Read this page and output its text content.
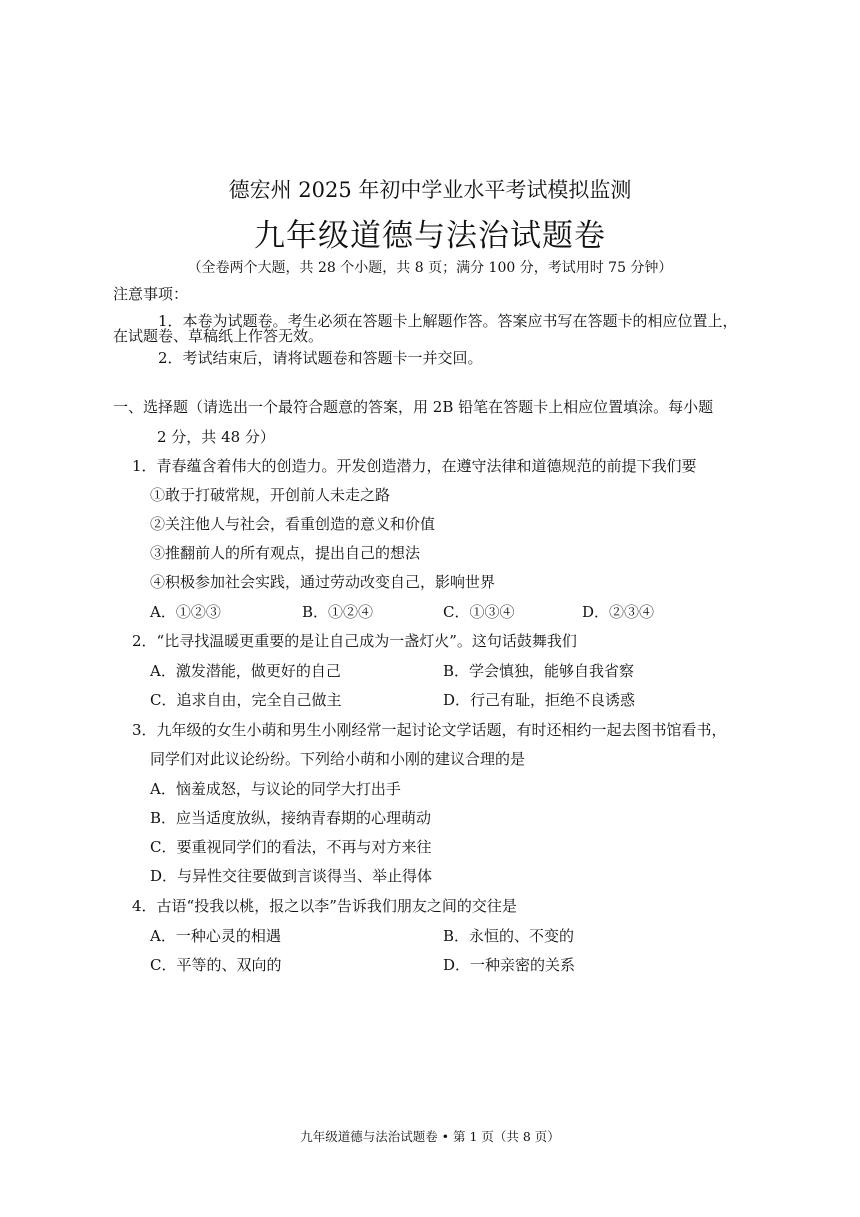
德宏州 2025 年初中学业水平考试模拟监测
九年级道德与法治试题卷
（全卷两个大题，共 28 个小题，共 8 页；满分 100 分，考试用时 75 分钟）
注意事项：
1．本卷为试题卷。考生必须在答题卡上解题作答。答案应书写在答题卡的相应位置上，
在试题卷、草稿纸上作答无效。
2．考试结束后，请将试题卷和答题卡一并交回。
一、选择题（请选出一个最符合题意的答案，用 2B 铅笔在答题卡上相应位置填涂。每小题
2 分，共 48 分）
1．青春蕴含着伟大的创造力。开发创造潜力，在遵守法律和道德规范的前提下我们要
①敢于打破常规，开创前人未走之路
②关注他人与社会，看重创造的意义和价值
③推翻前人的所有观点，提出自己的想法
④积极参加社会实践，通过劳动改变自己，影响世界
A．①②③	B．①②④	C．①③④	D．②③④
2．“比寻找温暖更重要的是让自己成为一盏灯火”。这句话鼓舞我们
A．激发潜能，做更好的自己	B．学会慎独，能够自我省察
C．追求自由，完全自己做主	D．行己有耻，拒绝不良诱惑
3．九年级的女生小萌和男生小刚经常一起讨论文学话题，有时还相约一起去图书馆看书，
同学们对此议论纷纷。下列给小萌和小刚的建议合理的是
A．恼羞成怒，与议论的同学大打出手
B．应当适度放纵，接纳青春期的心理萌动
C．要重视同学们的看法，不再与对方来往
D．与异性交往要做到言谈得当、举止得体
4．古语“投我以桃，报之以李”告诉我们朋友之间的交往是
A．一种心灵的相遇	B．永恒的、不变的
C．平等的、双向的	D．一种亲密的关系
九年级道德与法治试题卷 • 第 1 页（共 8 页）
